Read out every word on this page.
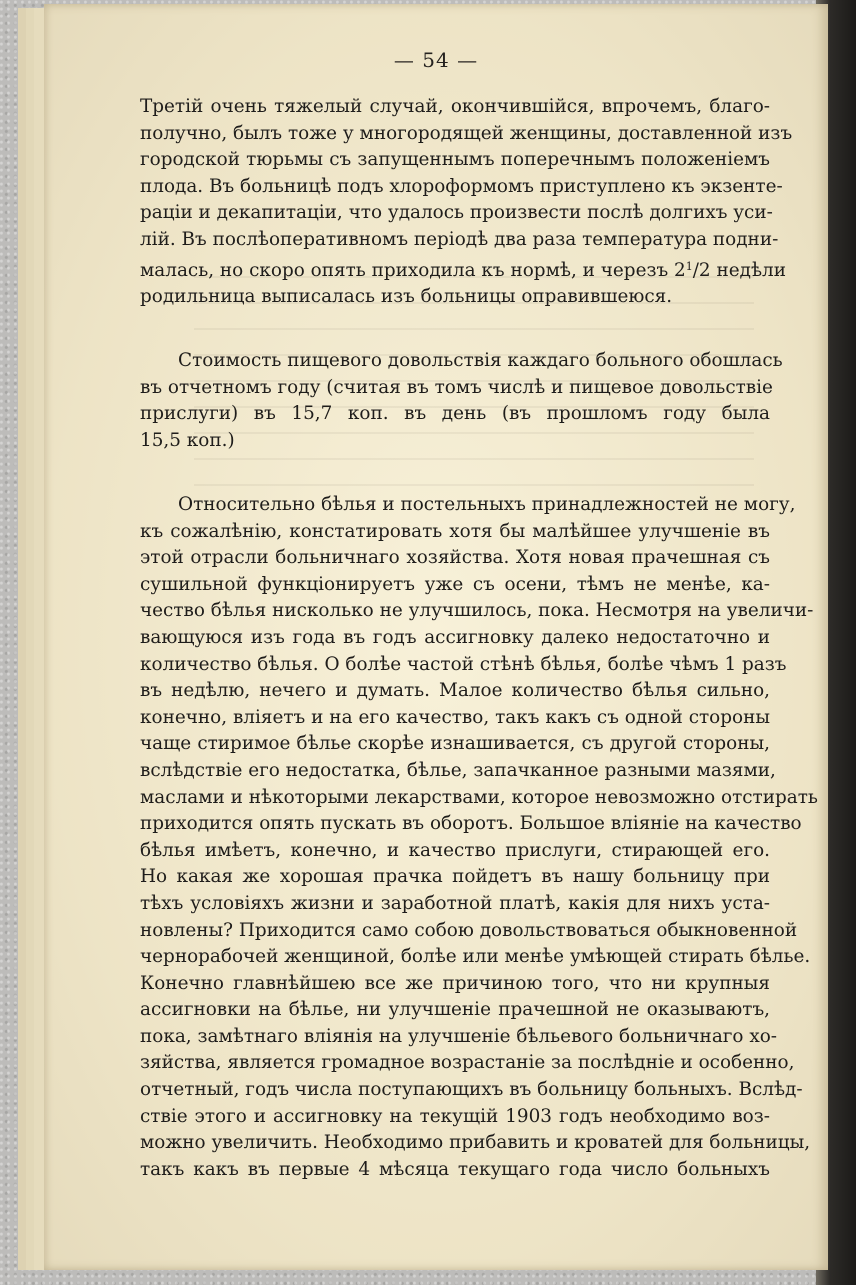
— 54 —
Третій очень тяжелый случай, окончившійся, впрочемъ, благо-
получно, былъ тоже у многородящей женщины, доставленной изъ
городской тюрьмы съ запущеннымъ поперечнымъ положеніемъ
плода. Въ больницѣ подъ хлороформомъ приступлено къ экзенте-
раціи и декапитаціи, что удалось произвести послѣ долгихъ уси-
лій. Въ послѣоперативномъ періодѣ два раза температура подни-
малась, но скоро опять приходила къ нормѣ, и черезъ $2^1/2$ недѣли
родильница выписалась изъ больницы оправившеюся.
Стоимость пищевого довольствія каждаго больного обошлась
въ отчетномъ году (считая въ томъ числѣ и пищевое довольствіе
прислуги) въ 15,7 коп. въ день (въ прошломъ году была
15,5 коп.)
Относительно бѣлья и постельныхъ принадлежностей не могу,
къ сожалѣнію, констатировать хотя бы малѣйшее улучшеніе въ
этой отрасли больничнаго хозяйства. Хотя новая прачешная съ
сушильной функціонируетъ уже съ осени, тѣмъ не менѣе, ка-
чество бѣлья нисколько не улучшилось, пока. Несмотря на увеличи-
вающуюся изъ года въ годъ ассигновку далеко недостаточно и
количество бѣлья. О болѣе частой стѣнѣ бѣлья, болѣе чѣмъ 1 разъ
въ недѣлю, нечего и думать. Малое количество бѣлья сильно,
конечно, вліяетъ и на его качество, такъ какъ съ одной стороны
чаще стиримое бѣлье скорѣе изнашивается, съ другой стороны,
вслѣдствіе его недостатка, бѣлье, запачканное разными мазями,
маслами и нѣкоторыми лекарствами, которое невозможно отстирать
приходится опять пускать въ оборотъ. Большое вліяніе на качество
бѣлья имѣетъ, конечно, и качество прислуги, стирающей его.
Но какая же хорошая прачка пойдетъ въ нашу больницу при
тѣхъ условіяхъ жизни и заработной платѣ, какія для нихъ уста-
новлены? Приходится само собою довольствоваться обыкновенной
чернорабочей женщиной, болѣе или менѣе умѣющей стирать бѣлье.
Конечно главнѣйшею все же причиною того, что ни крупныя
ассигновки на бѣлье, ни улучшеніе прачешной не оказываютъ,
пока, замѣтнаго вліянія на улучшеніе бѣльевого больничнаго хо-
зяйства, является громадное возрастаніе за послѣдніе и особенно,
отчетный, годъ числа поступающихъ въ больницу больныхъ. Вслѣд-
ствіе этого и ассигновку на текущій 1903 годъ необходимо воз-
можно увеличить. Необходимо прибавить и кроватей для больницы,
такъ какъ въ первые 4 мѣсяца текущаго года число больныхъ
